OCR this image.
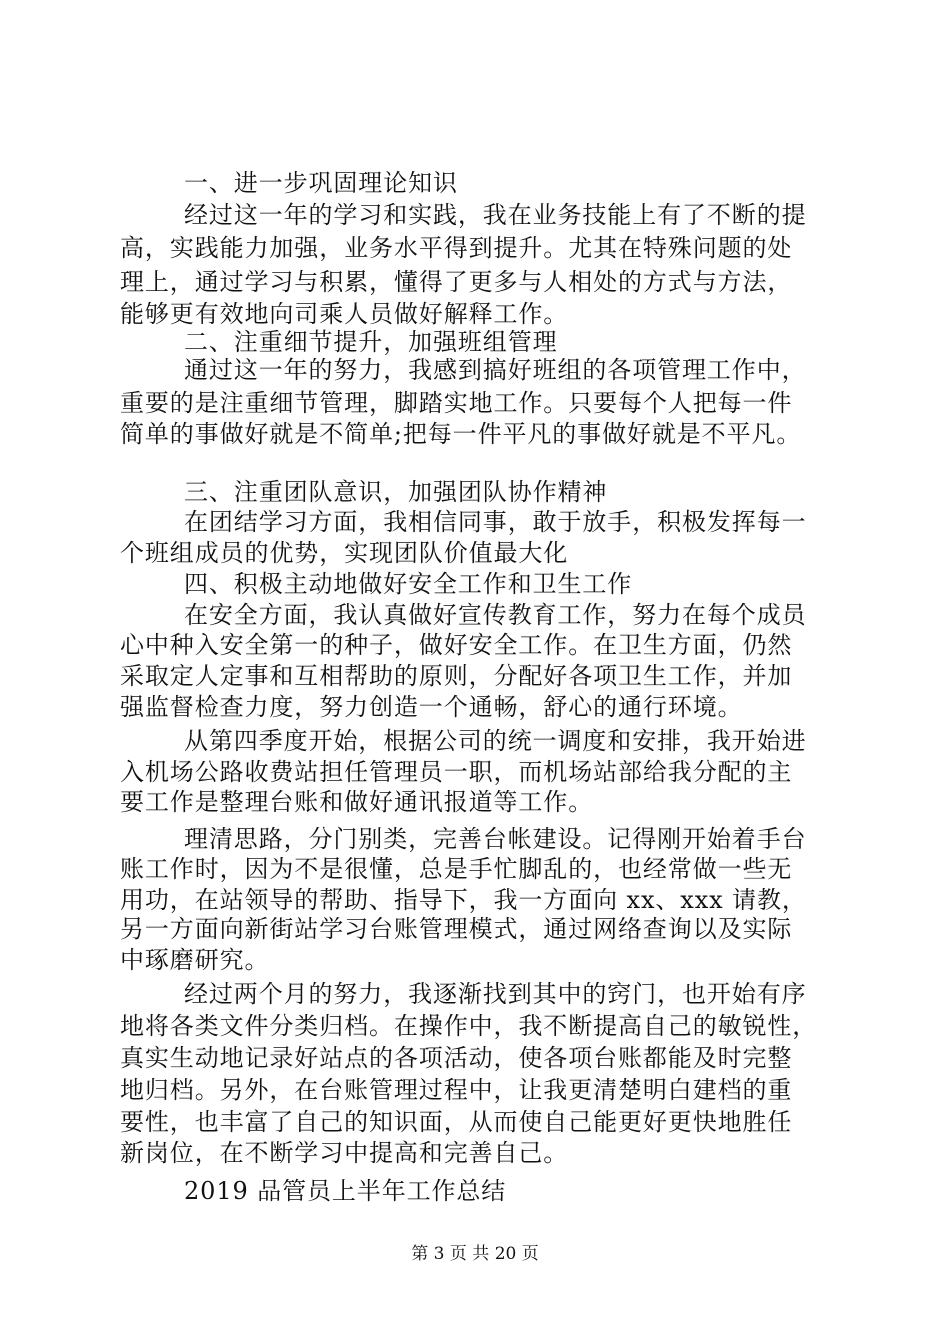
一、进一步巩固理论知识
经过这一年的学习和实践，我在业务技能上有了不断的提
高，实践能力加强，业务水平得到提升。尤其在特殊问题的处
理上，通过学习与积累，懂得了更多与人相处的方式与方法，
能够更有效地向司乘人员做好解释工作。
二、注重细节提升，加强班组管理
通过这一年的努力，我感到搞好班组的各项管理工作中，
重要的是注重细节管理，脚踏实地工作。只要每个人把每一件
简单的事做好就是不简单;把每一件平凡的事做好就是不平凡。
三、注重团队意识，加强团队协作精神
在团结学习方面，我相信同事，敢于放手，积极发挥每一
个班组成员的优势，实现团队价值最大化
四、积极主动地做好安全工作和卫生工作
在安全方面，我认真做好宣传教育工作，努力在每个成员
心中种入安全第一的种子，做好安全工作。在卫生方面，仍然
采取定人定事和互相帮助的原则，分配好各项卫生工作，并加
强监督检查力度，努力创造一个通畅，舒心的通行环境。
从第四季度开始，根据公司的统一调度和安排，我开始进
入机场公路收费站担任管理员一职，而机场站部给我分配的主
要工作是整理台账和做好通讯报道等工作。
理清思路，分门别类，完善台帐建设。记得刚开始着手台
账工作时，因为不是很懂，总是手忙脚乱的，也经常做一些无
用功，在站领导的帮助、指导下，我一方面向 xx、xxx 请教，
另一方面向新街站学习台账管理模式，通过网络查询以及实际
中琢磨研究。
经过两个月的努力，我逐渐找到其中的窍门，也开始有序
地将各类文件分类归档。在操作中，我不断提高自己的敏锐性，
真实生动地记录好站点的各项活动，使各项台账都能及时完整
地归档。另外，在台账管理过程中，让我更清楚明白建档的重
要性，也丰富了自己的知识面，从而使自己能更好更快地胜任
新岗位，在不断学习中提高和完善自己。
2019 品管员上半年工作总结
第 3 页 共 20 页
